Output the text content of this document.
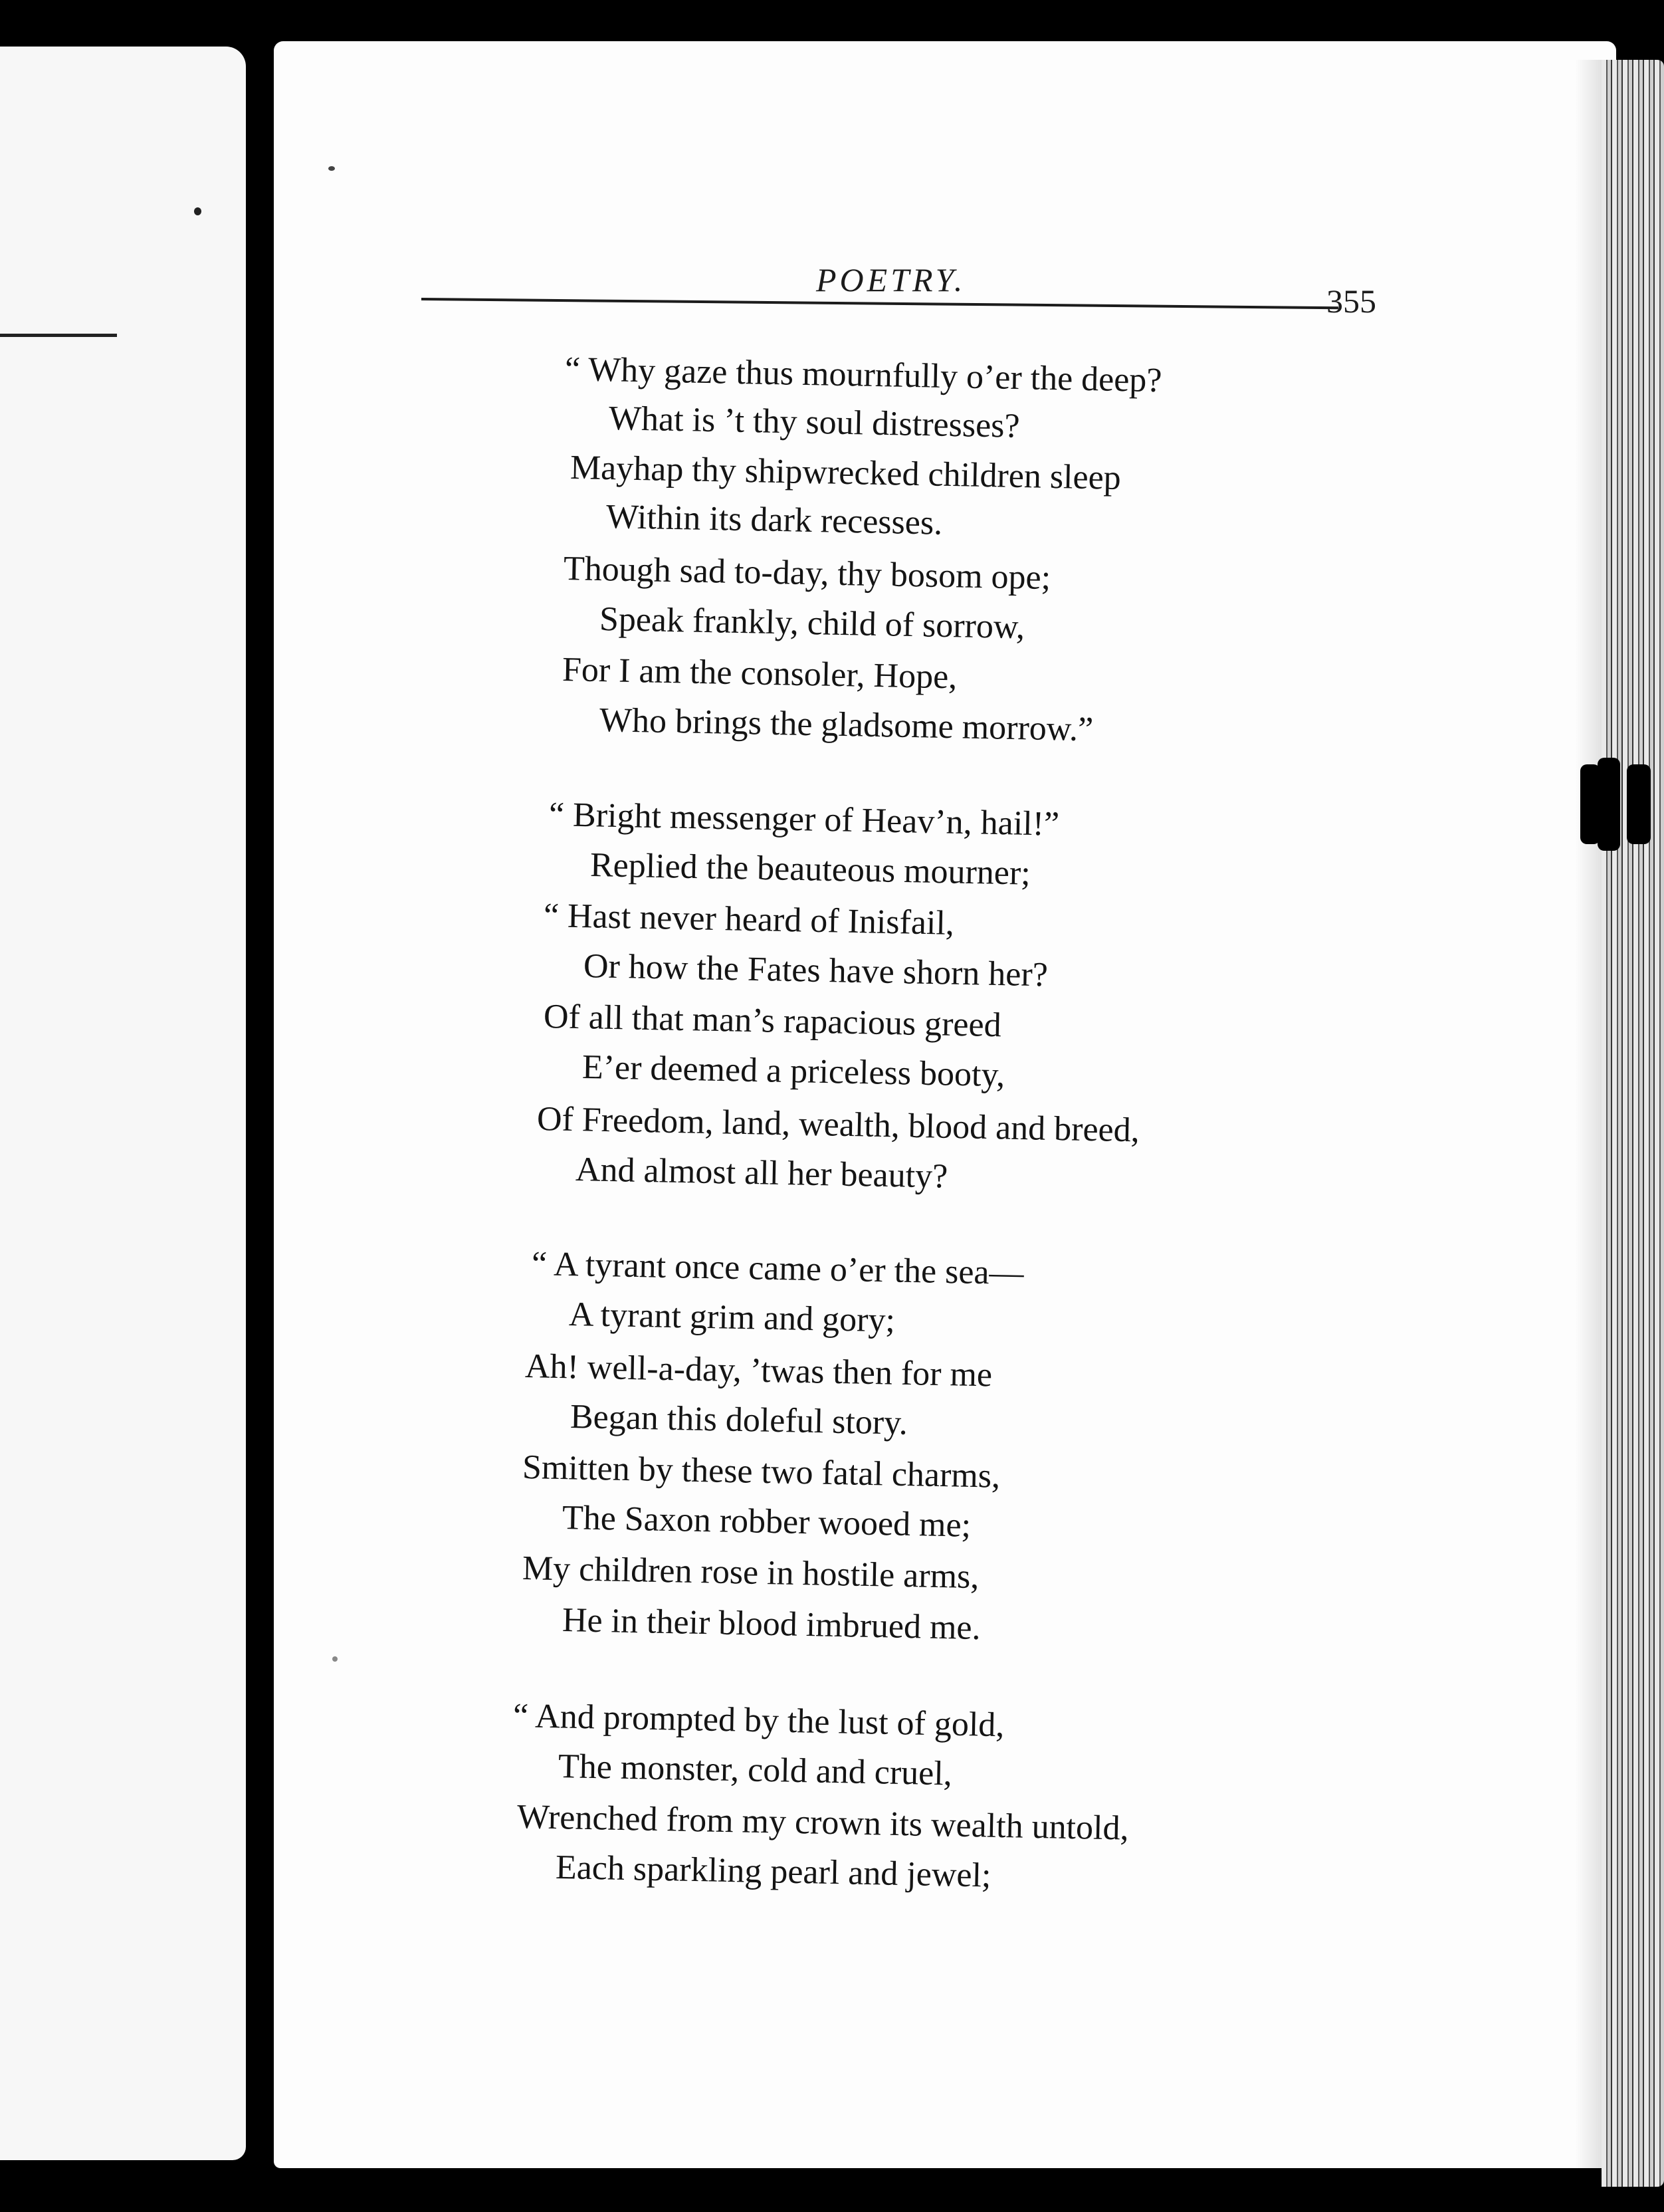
POETRY.
355
“ Why gaze thus mournfully o’er the deep?
What is ’t thy soul distresses?
Mayhap thy shipwrecked children sleep
Within its dark recesses.
Though sad to-day, thy bosom ope;
Speak frankly, child of sorrow,
For I am the consoler, Hope,
Who brings the gladsome morrow.”
“ Bright messenger of Heav’n, hail!”
Replied the beauteous mourner;
“ Hast never heard of Inisfail,
Or how the Fates have shorn her?
Of all that man’s rapacious greed
E’er deemed a priceless booty,
Of Freedom, land, wealth, blood and breed,
And almost all her beauty?
“ A tyrant once came o’er the sea—
A tyrant grim and gory;
Ah! well-a-day, ’twas then for me
Began this doleful story.
Smitten by these two fatal charms,
The Saxon robber wooed me;
My children rose in hostile arms,
He in their blood imbrued me.
“ And prompted by the lust of gold,
The monster, cold and cruel,
Wrenched from my crown its wealth untold,
Each sparkling pearl and jewel;
